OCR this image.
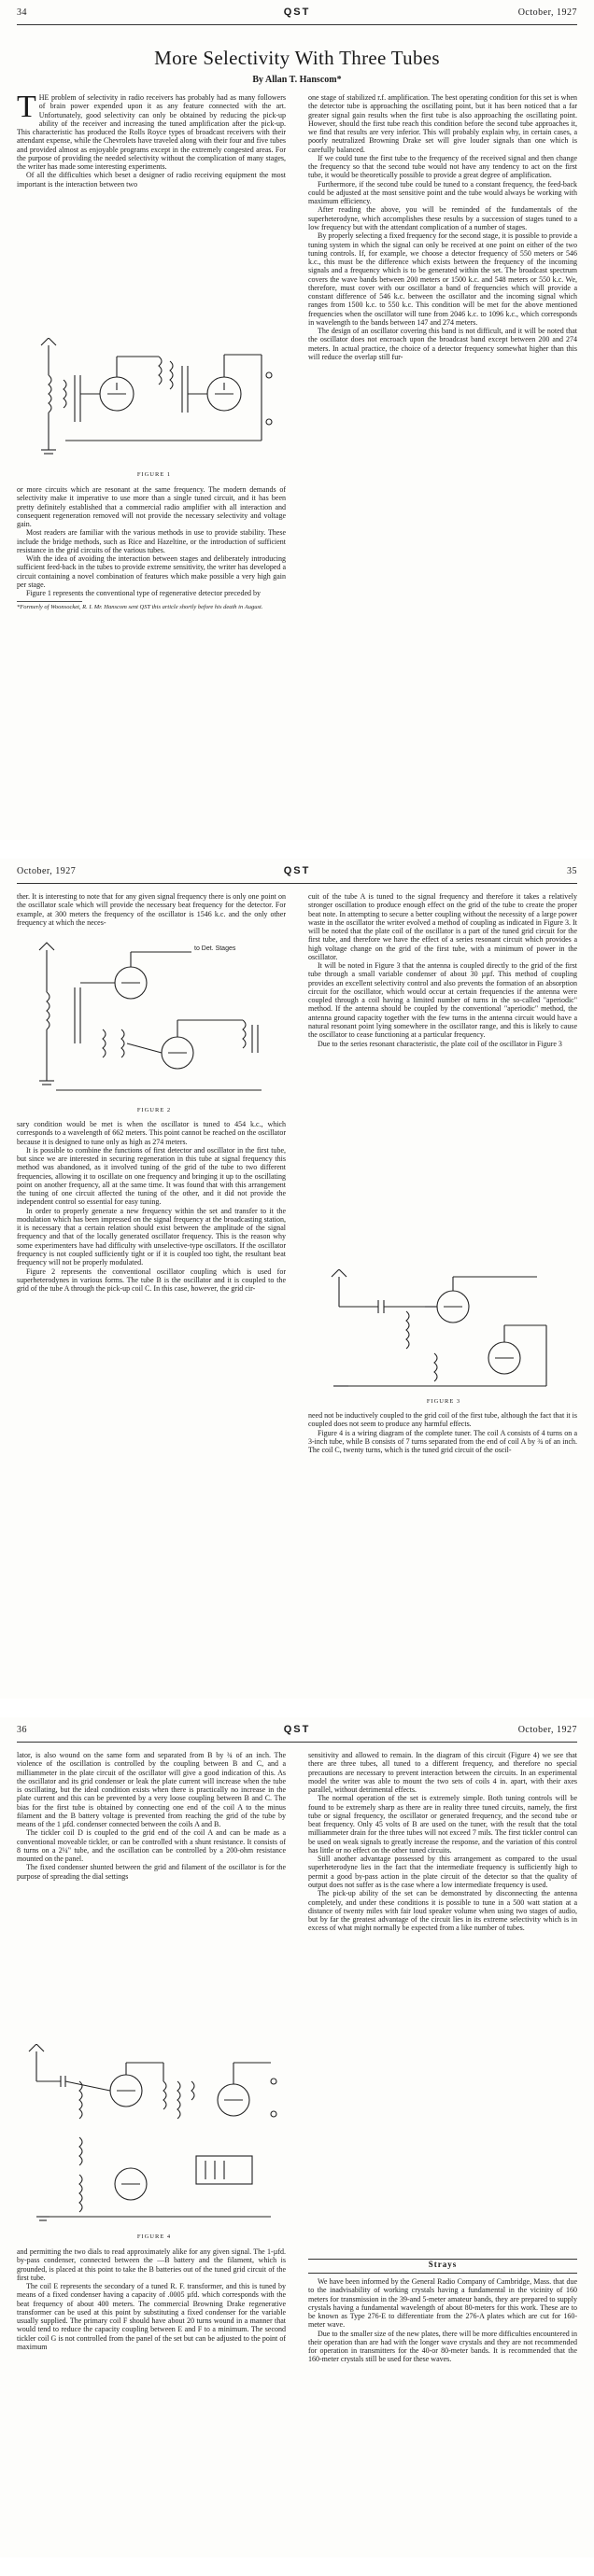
34	QST	October, 1927
More Selectivity With Three Tubes
By Allan T. Hanscom*

THE problem of selectivity in radio receivers has probably had as many followers of brain power expended upon it as any feature connected with the art. Unfortunately, good selectivity can only be obtained by reducing the pick-up ability of the receiver and increasing the tuned amplification after the pick-up. This characteristic has produced the Rolls Royce types of broadcast receivers with their attendant expense, while the Chevrolets have traveled along with their four and five tubes and provided almost as enjoyable programs except in the extremely congested areas. For the purpose of providing the needed selectivity without the complication of many stages, the writer has made some interesting experiments.

Of all the difficulties which beset a designer of radio receiving equipment the most important is the interaction between two

FIGURE 1

or more circuits which are resonant at the same frequency. The modern demands of selectivity make it imperative to use more than a single tuned circuit, and it has been pretty definitely established that a commercial radio amplifier with all interaction and consequent regeneration removed will not provide the necessary selectivity and voltage gain.

Most readers are familiar with the various methods in use to provide stability. These include the bridge methods, such as Rice and Hazeltine, or the introduction of sufficient resistance in the grid circuits of the various tubes.

With the idea of avoiding the interaction between stages and deliberately introducing sufficient feed-back in the tubes to provide extreme sensitivity, the writer has developed a circuit containing a novel combination of features which make possible a very high gain per stage.

Figure 1 represents the conventional type of regenerative detector preceded by

*Formerly of Woonsocket, R. I. Mr. Hanscom sent QST this article shortly before his death in August.

one stage of stabilized r.f. amplification. The best operating condition for this set is when the detector tube is approaching the oscillating point, but it has been noticed that a far greater signal gain results when the first tube is also approaching the oscillating point. However, should the first tube reach this condition before the second tube approaches it, we find that results are very inferior. This will probably explain why, in certain cases, a poorly neutralized Browning Drake set will give louder signals than one which is carefully balanced.

If we could tune the first tube to the frequency of the received signal and then change the frequency so that the second tube would not have any tendency to act on the first tube, it would be theoretically possible to provide a great degree of amplification.

Furthermore, if the second tube could be tuned to a constant frequency, the feed-back could be adjusted at the most sensitive point and the tube would always be working with maximum efficiency.

After reading the above, you will be reminded of the fundamentals of the superheterodyne, which accomplishes these results by a succession of stages tuned to a low frequency but with the attendant complication of a number of stages.

By properly selecting a fixed frequency for the second stage, it is possible to provide a tuning system in which the signal can only be received at one point on either of the two tuning controls. If, for example, we choose a detector frequency of 550 meters or 546 k.c., this must be the difference which exists between the frequency of the incoming signals and a frequency which is to be generated within the set. The broadcast spectrum covers the wave bands between 200 meters or 1500 k.c. and 548 meters or 550 k.c. We, therefore, must cover with our oscillator a band of frequencies which will provide a constant difference of 546 k.c. between the oscillator and the incoming signal which ranges from 1500 k.c. to 550 k.c. This condition will be met for the above mentioned frequencies when the oscillator will tune from 2046 k.c. to 1096 k.c., which corresponds in wavelength to the bands between 147 and 274 meters.

The design of an oscillator covering this band is not difficult, and it will be noted that the oscillator does not encroach upon the broadcast band except between 200 and 274 meters. In actual practice, the choice of a detector frequency somewhat higher than this will reduce the overlap still fur-

October, 1927	QST	35

ther. It is interesting to note that for any given signal frequency there is only one point on the oscillator scale which will provide the necessary beat frequency for the detector. For example, at 300 meters the frequency of the oscillator is 1546 k.c. and the only other frequency at which the neces-

to Det. Stages
FIGURE 2

sary condition would be met is when the oscillator is tuned to 454 k.c., which corresponds to a wavelength of 662 meters. This point cannot be reached on the oscillator because it is designed to tune only as high as 274 meters.

It is possible to combine the functions of first detector and oscillator in the first tube, but since we are interested in securing regeneration in this tube at signal frequency this method was abandoned, as it involved tuning of the grid of the tube to two different frequencies, allowing it to oscillate on one frequency and bringing it up to the oscillating point on another frequency, all at the same time. It was found that with this arrangement the tuning of one circuit affected the tuning of the other, and it did not provide the independent control so essential for easy tuning.

In order to properly generate a new frequency within the set and transfer to it the modulation which has been impressed on the signal frequency at the broadcasting station, it is necessary that a certain relation should exist between the amplitude of the signal frequency and that of the locally generated oscillator frequency. This is the reason why some experimenters have had difficulty with unselective-type oscillators. If the oscillator frequency is not coupled sufficiently tight or if it is coupled too tight, the resultant beat frequency will not be properly modulated.

Figure 2 represents the conventional oscillator coupling which is used for superheterodynes in various forms. The tube B is the oscillator and it is coupled to the grid of the tube A through the pick-up coil C. In this case, however, the grid cir-

cuit of the tube A is tuned to the signal frequency and therefore it takes a relatively stronger oscillation to produce enough effect on the grid of the tube to create the proper beat note. In attempting to secure a better coupling without the necessity of a large power waste in the oscillator the writer evolved a method of coupling as indicated in Figure 3. It will be noted that the plate coil of the oscillator is a part of the tuned grid circuit for the first tube, and therefore we have the effect of a series resonant circuit which provides a high voltage change on the grid of the first tube, with a minimum of power in the oscillator.

It will be noted in Figure 3 that the antenna is coupled directly to the grid of the first tube through a small variable condenser of about 30 µµf. This method of coupling provides an excellent selectivity control and also prevents the formation of an absorption circuit for the oscillator, which would occur at certain frequencies if the antenna were coupled through a coil having a limited number of turns in the so-called "aperiodic" method. If the antenna should be coupled by the conventional "aperiodic" method, the antenna ground capacity together with the few turns in the antenna circuit would have a natural resonant point lying somewhere in the oscillator range, and this is likely to cause the oscillator to cease functioning at a particular frequency.

Due to the series resonant characteristic, the plate coil of the oscillator in Figure 3

FIGURE 3

need not be inductively coupled to the grid coil of the first tube, although the fact that it is coupled does not seem to produce any harmful effects.

Figure 4 is a wiring diagram of the complete tuner. The coil A consists of 4 turns on a 3-inch tube, while B consists of 7 turns separated from the end of coil A by ¾ of an inch. The coil C, twenty turns, which is the tuned grid circuit of the oscil-

36	QST	October, 1927

lator, is also wound on the same form and separated from B by ¾ of an inch. The violence of the oscillation is controlled by the coupling between B and C, and a milliammeter in the plate circuit of the oscillator will give a good indication of this. As the oscillator and its grid condenser or leak the plate current will increase when the tube is oscillating, but the ideal condition exists when there is practically no increase in the plate current and this can be prevented by a very loose coupling between B and C. The bias for the first tube is obtained by connecting one end of the coil A to the minus filament and the B battery voltage is prevented from reaching the grid of the tube by means of the 1 µfd. condenser connected between the coils A and B.

The tickler coil D is coupled to the grid end of the coil A and can be made as a conventional moveable tickler, or can be controlled with a shunt resistance. It consists of 8 turns on a 2¼" tube, and the oscillation can be controlled by a 200-ohm resistance mounted on the panel.

The fixed condenser shunted between the grid and filament of the oscillator is for the purpose of spreading the dial settings

FIGURE 4

and permitting the two dials to read approximately alike for any given signal. The 1-µfd. by-pass condenser, connected between the —B battery and the filament, which is grounded, is placed at this point to take the B batteries out of the tuned grid circuit of the first tube.

The coil E represents the secondary of a tuned R. F. transformer, and this is tuned by means of a fixed condenser having a capacity of .0005 µfd. which corresponds with the beat frequency of about 400 meters. The commercial Browning Drake regenerative transformer can be used at this point by substituting a fixed condenser for the variable usually supplied. The primary coil F should have about 20 turns wound in a manner that would tend to reduce the capacity coupling between E and F to a minimum. The second tickler coil G is not controlled from the panel of the set but can be adjusted to the point of maximum

sensitivity and allowed to remain. In the diagram of this circuit (Figure 4) we see that there are three tubes, all tuned to a different frequency, and therefore no special precautions are necessary to prevent interaction between the circuits. In an experimental model the writer was able to mount the two sets of coils 4 in. apart, with their axes parallel, without detrimental effects.

The normal operation of the set is extremely simple. Both tuning controls will be found to be extremely sharp as there are in reality three tuned circuits, namely, the first tube or signal frequency, the oscillator or generated frequency, and the second tube or beat frequency. Only 45 volts of B are used on the tuner, with the result that the total milliammeter drain for the three tubes will not exceed 7 mils. The first tickler control can be used on weak signals to greatly increase the response, and the variation of this control has little or no effect on the other tuned circuits.

Still another advantage possessed by this arrangement as compared to the usual superheterodyne lies in the fact that the intermediate frequency is sufficiently high to permit a good by-pass action in the plate circuit of the detector so that the quality of output does not suffer as is the case where a low intermediate frequency is used.

The pick-up ability of the set can be demonstrated by disconnecting the antenna completely, and under these conditions it is possible to tune in a 500 watt station at a distance of twenty miles with fair loud speaker volume when using two stages of audio, but by far the greatest advantage of the circuit lies in its extreme selectivity which is in excess of what might normally be expected from a like number of tubes.

Strays

We have been informed by the General Radio Company of Cambridge, Mass. that due to the inadvisability of working crystals having a fundamental in the vicinity of 160 meters for transmission in the 39-and 5-meter amateur bands, they are prepared to supply crystals having a fundamental wavelength of about 80-meters for this work. These are to be known as Type 276-E to differentiate from the 276-A plates which are cut for 160-meter wave.

Due to the smaller size of the new plates, there will be more difficulties encountered in their operation than are had with the longer wave crystals and they are not recommended for operation in transmitters for the 40-or 80-meter bands. It is recommended that the 160-meter crystals still be used for these waves.
